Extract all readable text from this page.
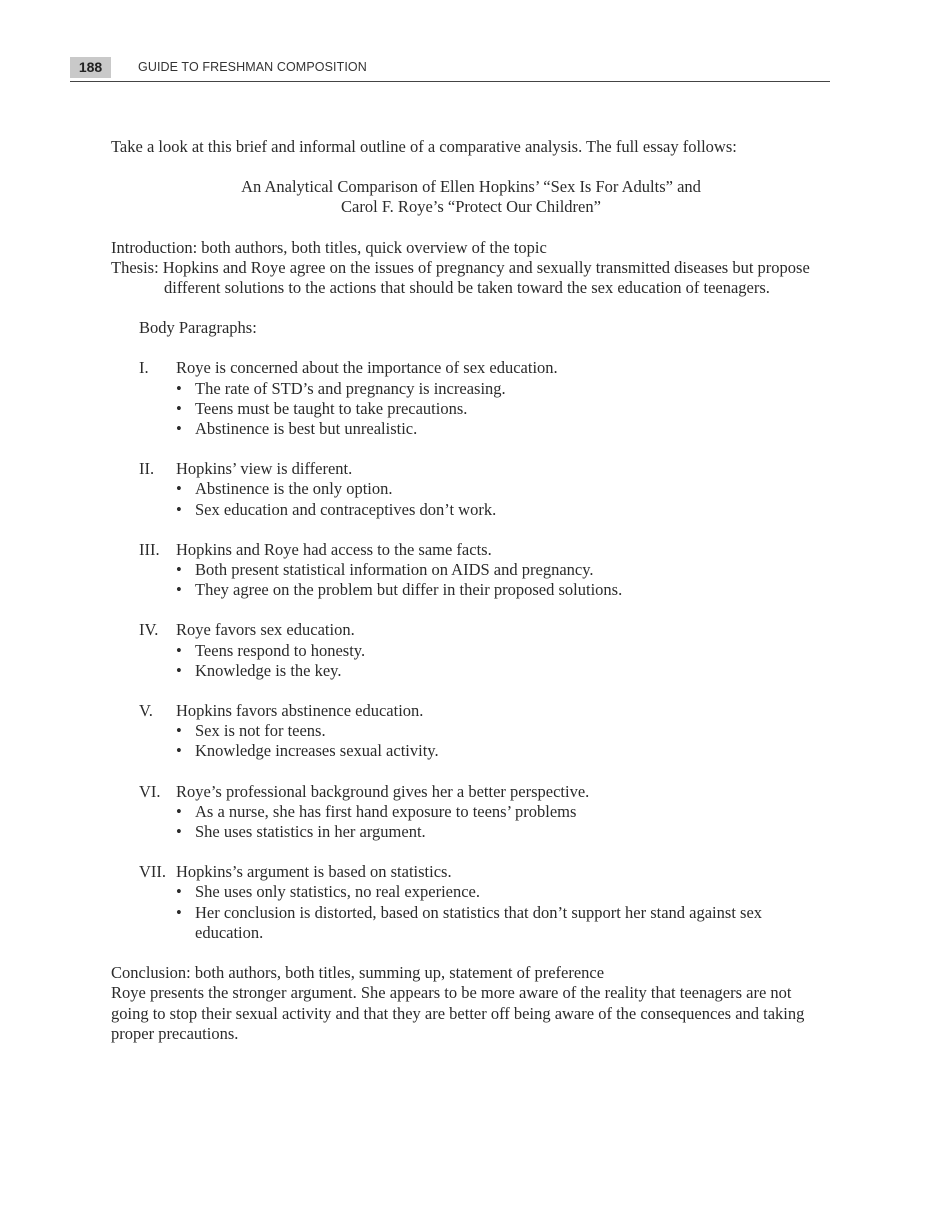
188	GUIDE TO FRESHMAN COMPOSITION

Take a look at this brief and informal outline of a comparative analysis. The full essay follows:

An Analytical Comparison of Ellen Hopkins’ “Sex Is For Adults” and
Carol F. Roye’s “Protect Our Children”

Introduction: both authors, both titles, quick overview of the topic

Thesis: Hopkins and Roye agree on the issues of pregnancy and sexually transmitted diseases but propose different solutions to the actions that should be taken toward the sex education of teenagers.

Body Paragraphs:

I. Roye is concerned about the importance of sex education.
• The rate of STD’s and pregnancy is increasing.
• Teens must be taught to take precautions.
• Abstinence is best but unrealistic.
II. Hopkins’ view is different.
• Abstinence is the only option.
• Sex education and contraceptives don’t work.
III. Hopkins and Roye had access to the same facts.
• Both present statistical information on AIDS and pregnancy.
• They agree on the problem but differ in their proposed solutions.
IV. Roye favors sex education.
• Teens respond to honesty.
• Knowledge is the key.
V. Hopkins favors abstinence education.
• Sex is not for teens.
• Knowledge increases sexual activity.
VI. Roye’s professional background gives her a better perspective.
• As a nurse, she has first hand exposure to teens’ problems
• She uses statistics in her argument.
VII. Hopkins’s argument is based on statistics.
• She uses only statistics, no real experience.
• Her conclusion is distorted, based on statistics that don’t support her stand against sex education.

Conclusion: both authors, both titles, summing up, statement of preference

Roye presents the stronger argument. She appears to be more aware of the reality that teenagers are not going to stop their sexual activity and that they are better off being aware of the consequences and taking proper precautions.
